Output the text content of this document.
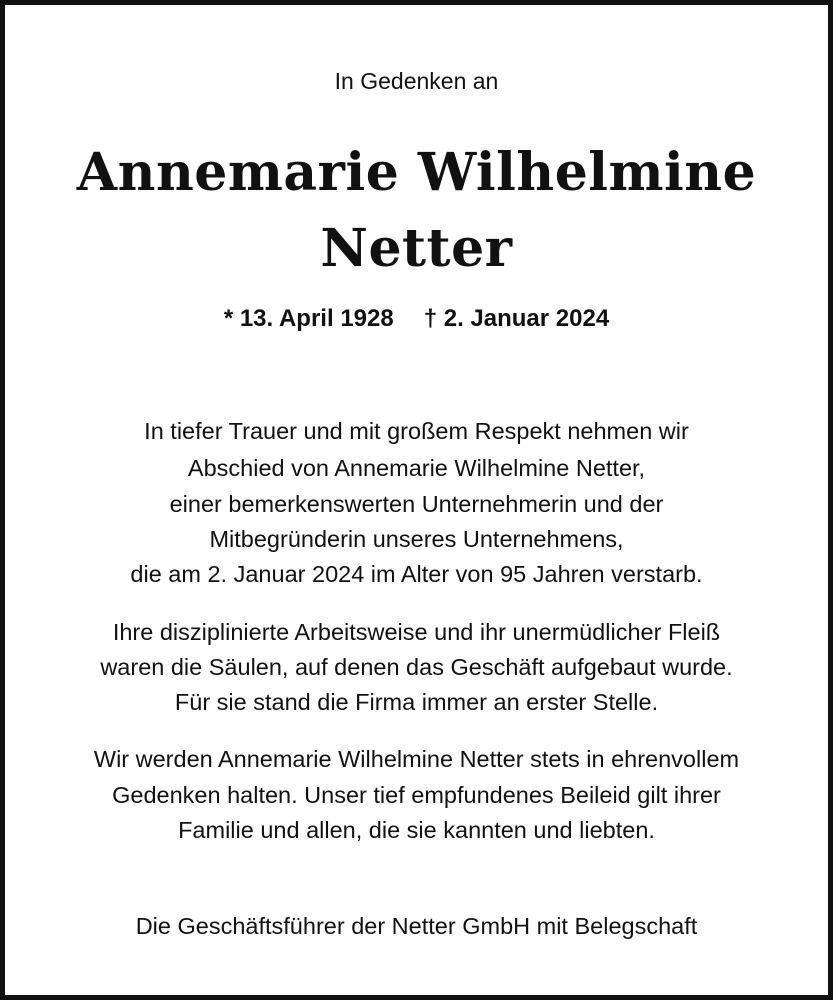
In Gedenken an
Annemarie Wilhelmine
Netter
* 13. April 1928 † 2. Januar 2024
In tiefer Trauer und mit großem Respekt nehmen wir
Abschied von Annemarie Wilhelmine Netter,
einer bemerkenswerten Unternehmerin und der
Mitbegründerin unseres Unternehmens,
die am 2. Januar 2024 im Alter von 95 Jahren verstarb.
Ihre disziplinierte Arbeitsweise und ihr unermüdlicher Fleiß
waren die Säulen, auf denen das Geschäft aufgebaut wurde.
Für sie stand die Firma immer an erster Stelle.
Wir werden Annemarie Wilhelmine Netter stets in ehrenvollem
Gedenken halten. Unser tief empfundenes Beileid gilt ihrer
Familie und allen, die sie kannten und liebten.
Die Geschäftsführer der Netter GmbH mit Belegschaft
